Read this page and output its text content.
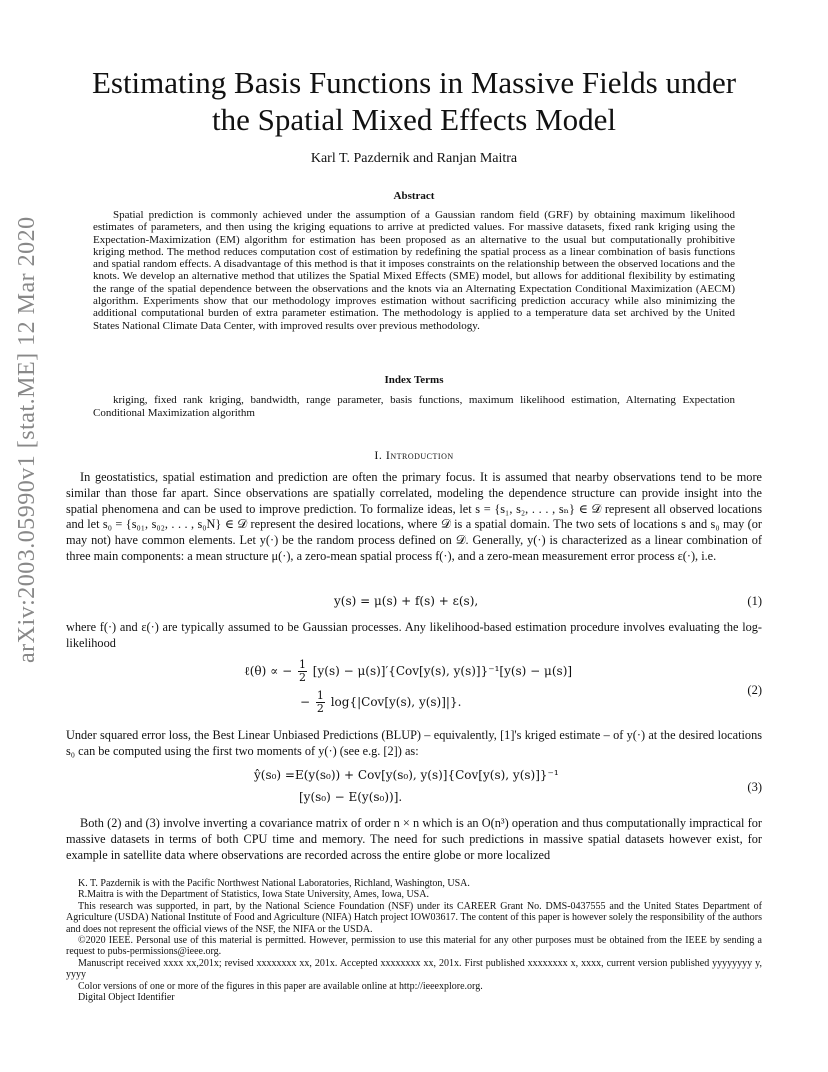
arXiv:2003.05990v1 [stat.ME] 12 Mar 2020
Estimating Basis Functions in Massive Fields under
the Spatial Mixed Effects Model
Karl T. Pazdernik and Ranjan Maitra
Abstract
Spatial prediction is commonly achieved under the assumption of a Gaussian random field (GRF) by obtaining maximum likelihood estimates of parameters, and then using the kriging equations to arrive at predicted values. For massive datasets, fixed rank kriging using the Expectation-Maximization (EM) algorithm for estimation has been proposed as an alternative to the usual but computationally prohibitive kriging method. The method reduces computation cost of estimation by redefining the spatial process as a linear combination of basis functions and spatial random effects. A disadvantage of this method is that it imposes constraints on the relationship between the observed locations and the knots. We develop an alternative method that utilizes the Spatial Mixed Effects (SME) model, but allows for additional flexibility by estimating the range of the spatial dependence between the observations and the knots via an Alternating Expectation Conditional Maximization (AECM) algorithm. Experiments show that our methodology improves estimation without sacrificing prediction accuracy while also minimizing the additional computational burden of extra parameter estimation. The methodology is applied to a temperature data set archived by the United States National Climate Data Center, with improved results over previous methodology.
Index Terms
kriging, fixed rank kriging, bandwidth, range parameter, basis functions, maximum likelihood estimation, Alternating Expectation Conditional Maximization algorithm
I. Introduction
In geostatistics, spatial estimation and prediction are often the primary focus. It is assumed that nearby observations tend to be more similar than those far apart. Since observations are spatially correlated, modeling the dependence structure can provide insight into the spatial phenomena and can be used to improve prediction. To formalize ideas, let s = {s₁, s₂, . . . , sₙ} ∈ 𝒟 represent all observed locations and let s₀ = {s₀₁, s₀₂, . . . , s₀N} ∈ 𝒟 represent the desired locations, where 𝒟 is a spatial domain. The two sets of locations s and s₀ may (or may not) have common elements. Let y(·) be the random process defined on 𝒟. Generally, y(·) is characterized as a linear combination of three main components: a mean structure μ(·), a zero-mean spatial process f(·), and a zero-mean measurement error process ε(·), i.e.
y(s) = μ(s) + f(s) + ε(s),	(1)
where f(·) and ε(·) are typically assumed to be Gaussian processes. Any likelihood-based estimation procedure involves evaluating the log-likelihood
ℓ(θ) ∝ − $\frac{1}{2} [y(s) - \mu(s)]'\{Cov[y(s)$, y(s)]}⁻¹[y(s) − μ(s)]
− $\frac{1}{2} \log\{|Cov[y(s)$, y(s)]|}.
(2)
Under squared error loss, the Best Linear Unbiased Predictions (BLUP) – equivalently, [1]'s kriged estimate – of y(·) at the desired locations s₀ can be computed using the first two moments of y(·) (see e.g. [2]) as:
ŷ(s₀) =E(y(s₀)) + Cov[y(s₀), y(s)]{Cov[y(s), y(s)]}⁻¹
[y(s₀) − E(y(s₀))].
(3)
Both (2) and (3) involve inverting a covariance matrix of order n × n which is an O(n³) operation and thus computationally impractical for massive datasets in terms of both CPU time and memory. The need for such predictions in massive spatial datasets however exist, for example in satellite data where observations are recorded across the entire globe or more localized

K. T. Pazdernik is with the Pacific Northwest National Laboratories, Richland, Washington, USA.

R.Maitra is with the Department of Statistics, Iowa State University, Ames, Iowa, USA.

This research was supported, in part, by the National Science Foundation (NSF) under its CAREER Grant No. DMS-0437555 and the United States Department of Agriculture (USDA) National Institute of Food and Agriculture (NIFA) Hatch project IOW03617. The content of this paper is however solely the responsibility of the authors and does not represent the official views of the NSF, the NIFA or the USDA.

©2020 IEEE. Personal use of this material is permitted. However, permission to use this material for any other purposes must be obtained from the IEEE by sending a request to pubs-permissions@ieee.org.

Manuscript received xxxx xx,201x; revised xxxxxxxx xx, 201x. Accepted xxxxxxxx xx, 201x. First published xxxxxxxx x, xxxx, current version published yyyyyyyy y, yyyy

Color versions of one or more of the figures in this paper are available online at http://ieeexplore.org.

Digital Object Identifier
